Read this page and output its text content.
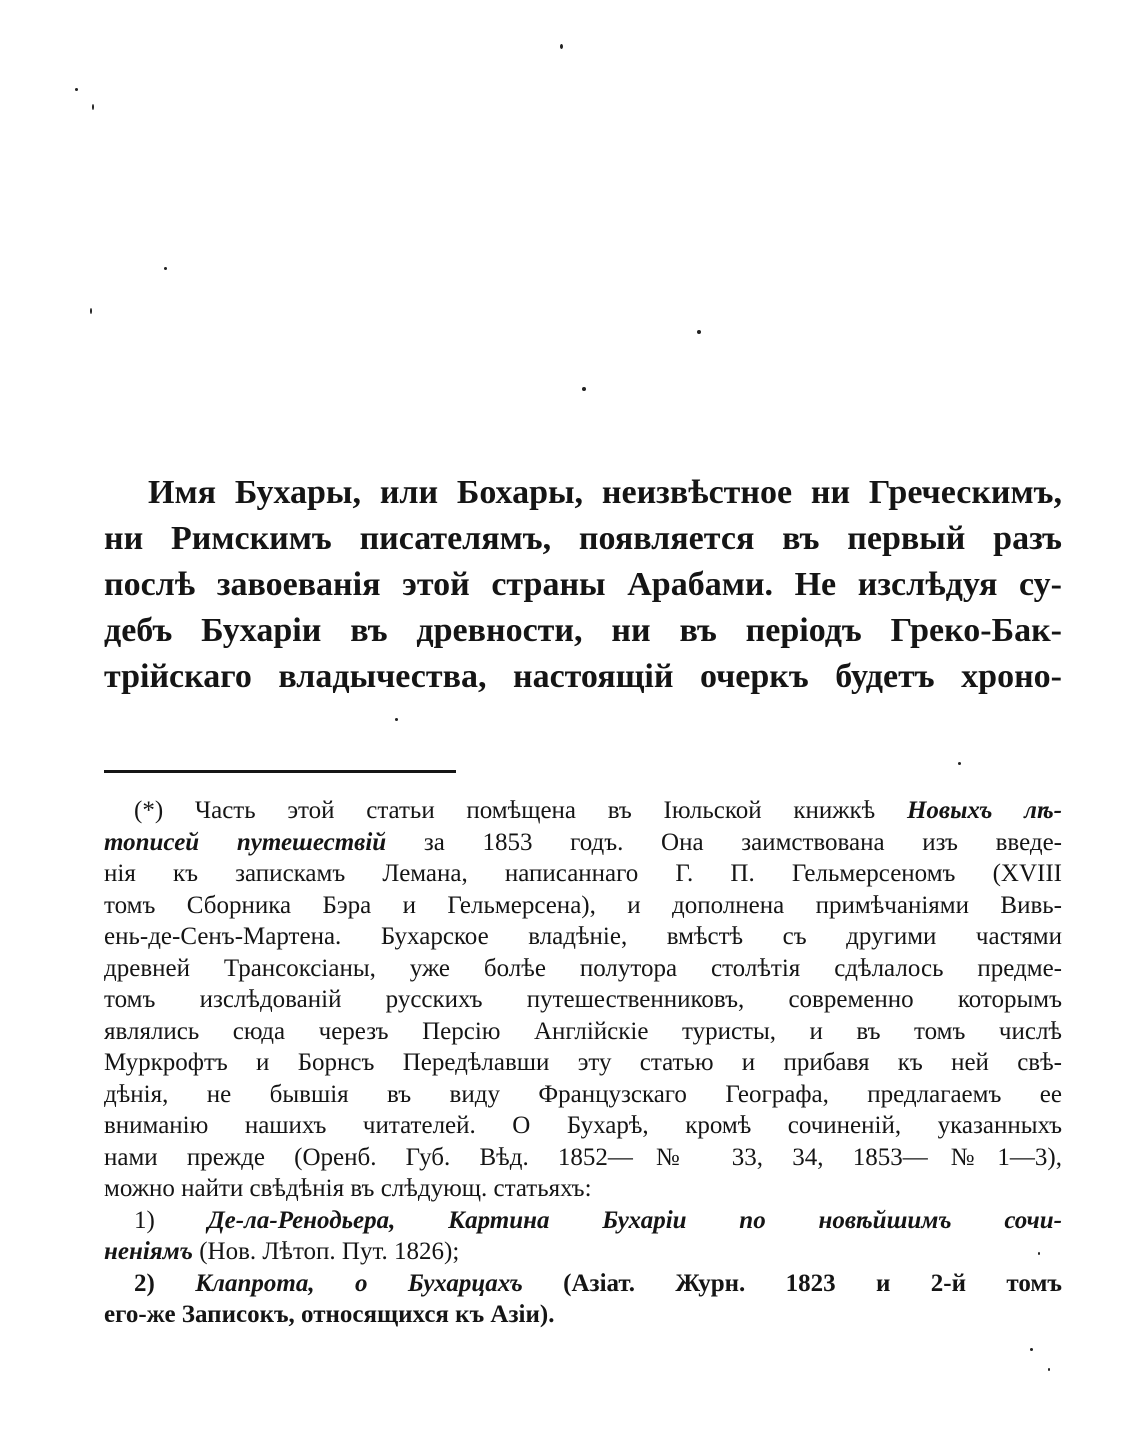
Имя Бухары, или Бохары, неизвѣстное ни Греческимъ,
ни Римскимъ писателямъ, появляется въ первый разъ
послѣ завоеванія этой страны Арабами. Не изслѣдуя су-
дебъ Бухаріи въ древности, ни въ періодъ Греко-Бак-
трійскаго владычества, настоящій очеркъ будетъ хроно-
(*) Часть этой статьи помѣщена въ Іюльской книжкѣ Новыхъ лѣ-
тописей путешествій за 1853 годъ. Она заимствована изъ введе-
нія къ запискамъ Лемана, написаннаго Г. П. Гельмерсеномъ (XVIII
томъ Сборника Бэра и Гельмерсена), и дополнена примѣчаніями Вивь-
ень-де-Сенъ-Мартена. Бухарское владѣніе, вмѣстѣ съ другими частями
древней Трансоксіаны, уже болѣе полутора столѣтія сдѣлалось предме-
томъ изслѣдованій русскихъ путешественниковъ, современно которымъ
являлись сюда черезъ Персію Англійскіе туристы, и въ томъ числѣ
Муркрофтъ и Борнсъ Передѣлавши эту статью и прибавя къ ней свѣ-
дѣнія, не бывшія въ виду Французскаго Географа, предлагаемъ ее
вниманію нашихъ читателей. О Бухарѣ, кромѣ сочиненій, указанныхъ
нами прежде (Оренб. Губ. Вѣд. 1852—№ 33, 34, 1853—№1—3),
можно найти свѣдѣнія въ слѣдующ. статьяхъ:
1) Де-ла-Ренодьера, Картина Бухаріи по новѣйшимъ сочи-
неніямъ (Нов. Лѣтоп. Пут. 1826);
2) Клапрота, о Бухарцахъ (Азіат. Журн. 1823 и 2-й томъ
его-же Записокъ, относящихся къ Азіи).
